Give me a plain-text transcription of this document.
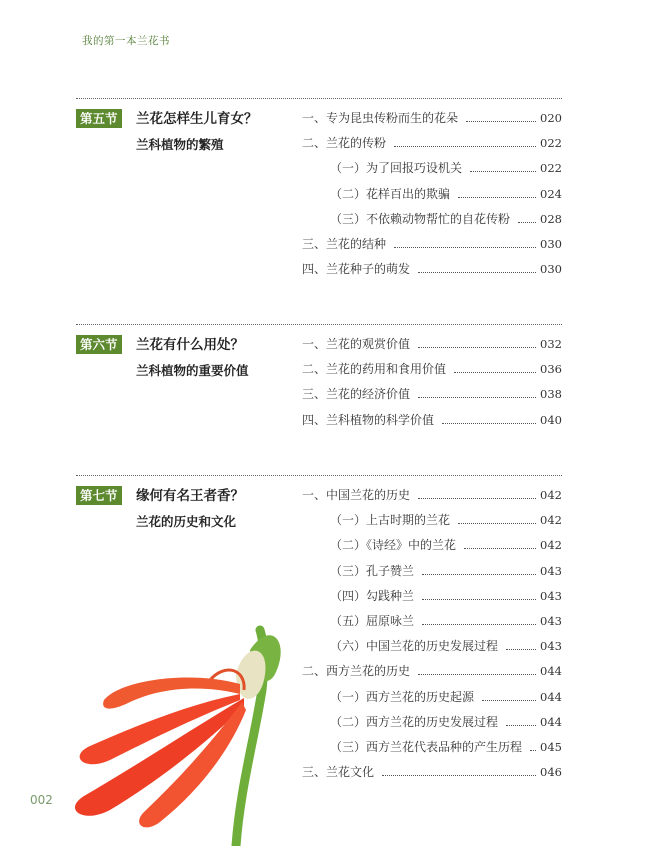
我的第一本兰花书
第五节 兰花怎样生儿育女？
兰科植物的繁殖
一、专为昆虫传粉而生的花朵	020
二、兰花的传粉	022
（一）为了回报巧设机关	022
（二）花样百出的欺骗	024
（三）不依赖动物帮忙的自花传粉	028
三、兰花的结种	030
四、兰花种子的萌发	030
第六节 兰花有什么用处？
兰科植物的重要价值
一、兰花的观赏价值	032
二、兰花的药用和食用价值	036
三、兰花的经济价值	038
四、兰科植物的科学价值	040
第七节 缘何有名王者香？
兰花的历史和文化
一、中国兰花的历史	042
（一）上古时期的兰花	042
（二）《诗经》中的兰花	042
（三）孔子赞兰	043
（四）勾践种兰	043
（五）屈原咏兰	043
（六）中国兰花的历史发展过程	043
二、西方兰花的历史	044
（一）西方兰花的历史起源	044
（二）西方兰花的历史发展过程	044
（三）西方兰花代表品种的产生历程 045
三、兰花文化	046
002
